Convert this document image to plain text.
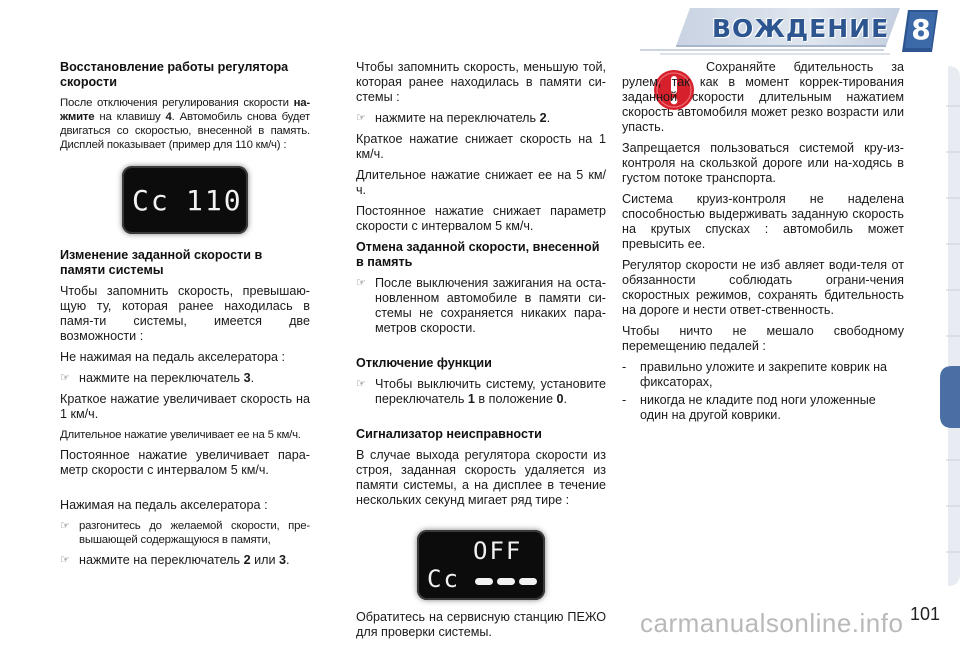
ВОЖДЕНИЕ 8
Восстановление работы регулятора скорости

После отключения регулирования скорости на-жмите на клавишу 4. Автомобиль снова будет двигаться со скоростью, внесенной в память. Дисплей показывает (пример для 110 км/ч) :

Cc 110
Изменение заданной скорости в памяти системы

Чтобы запомнить скорость, превышаю-щую ту, которая ранее находилась в памя-ти системы, имеется две возможности :

Не нажимая на педаль акселератора :

☞ нажмите на переключатель 3.

Краткое нажатие увеличивает скорость на 1 км/ч.

Длительное нажатие увеличивает ее на 5 км/ч.

Постоянное нажатие увеличивает пара-метр скорости с интервалом 5 км/ч.

Нажимая на педаль акселератора :

☞ разгонитесь до желаемой скорости, пре-вышающей содержащуюся в памяти,
☞ нажмите на переключатель 2 или 3.

Чтобы запомнить скорость, меньшую той, которая ранее находилась в памяти си-стемы :

☞ нажмите на переключатель 2.

Краткое нажатие снижает скорость на 1 км/ч.

Длительное нажатие снижает ее на 5 км/ч.

Постоянное нажатие снижает параметр скорости с интервалом 5 км/ч.

Отмена заданной скорости, внесенной в память
☞ После выключения зажигания на оста-новленном автомобиле в памяти си-стемы не сохраняется никаких пара-метров скорости.
Отключение функции
☞ Чтобы выключить систему, установите переключатель 1 в положение 0.
Сигнализатор неисправности

В случае выхода регулятора скорости из строя, заданная скорость удаляется из памяти системы, а на дисплее в течение нескольких секунд мигает ряд тире :

OFF
Cc

Обратитесь на сервисную станцию ПЕЖО для проверки системы.

Сохраняйте бдительность за рулем, так как в момент коррек-тирования заданной скорости длительным нажатием скорость автомобиля может резко возрасти или упасть.

Запрещается пользоваться системой кру-из-контроля на скользкой дороге или на-ходясь в густом потоке транспорта.

Система круиз-контроля не наделена способностью выдерживать заданную скорость на крутых спусках : автомобиль может превысить ее.

Регулятор скорости не изб авляет води-теля от обязанности соблюдать ограни-чения скоростных режимов, сохранять бдительность на дороге и нести ответ-ственность.

Чтобы ничто не мешало свободному перемещению педалей :

- правильно уложите и закрепите коврик на фиксаторах,
- никогда не кладите под ноги уложенные один на другой коврики.
carmanualsonline.info 101
